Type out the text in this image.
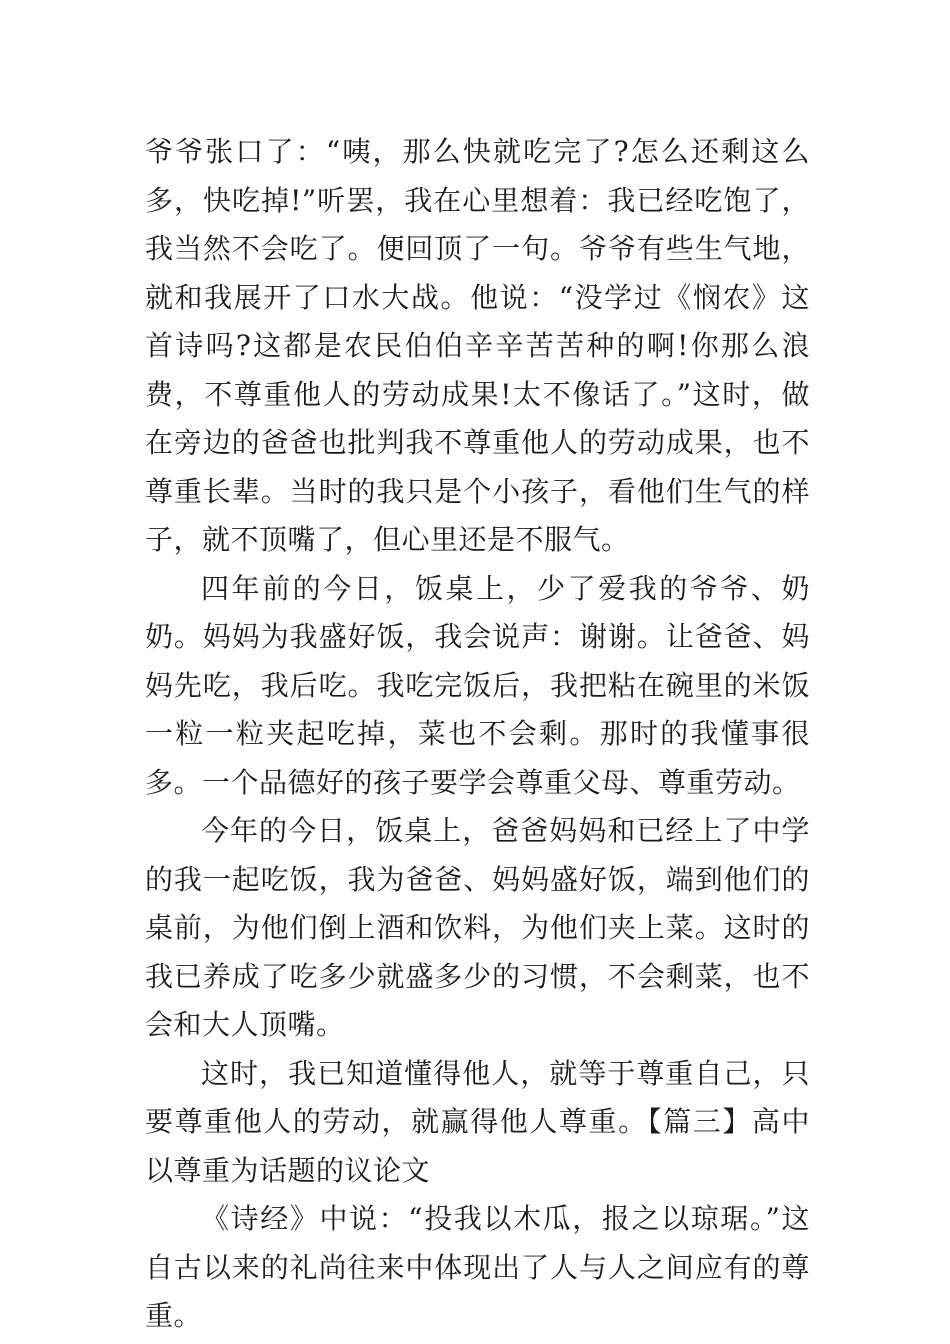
爷爷张口了：“咦，那么快就吃完了?怎么还剩这么多，快吃掉!”听罢，我在心里想着：我已经吃饱了，我当然不会吃了。便回顶了一句。爷爷有些生气地，就和我展开了口水大战。他说：“没学过《悯农》这首诗吗?这都是农民伯伯辛辛苦苦种的啊!你那么浪费，不尊重他人的劳动成果!太不像话了。”这时，做在旁边的爸爸也批判我不尊重他人的劳动成果，也不尊重长辈。当时的我只是个小孩子，看他们生气的样子，就不顶嘴了，但心里还是不服气。

四年前的今日，饭桌上，少了爱我的爷爷、奶奶。妈妈为我盛好饭，我会说声：谢谢。让爸爸、妈妈先吃，我后吃。我吃完饭后，我把粘在碗里的米饭一粒一粒夹起吃掉，菜也不会剩。那时的我懂事很多。一个品德好的孩子要学会尊重父母、尊重劳动。

今年的今日，饭桌上，爸爸妈妈和已经上了中学的我一起吃饭，我为爸爸、妈妈盛好饭，端到他们的桌前，为他们倒上酒和饮料，为他们夹上菜。这时的我已养成了吃多少就盛多少的习惯，不会剩菜，也不会和大人顶嘴。

这时，我已知道懂得他人，就等于尊重自己，只要尊重他人的劳动，就赢得他人尊重。【篇三】高中以尊重为话题的议论文

《诗经》中说：“投我以木瓜，报之以琼琚。”这自古以来的礼尚往来中体现出了人与人之间应有的尊重。
